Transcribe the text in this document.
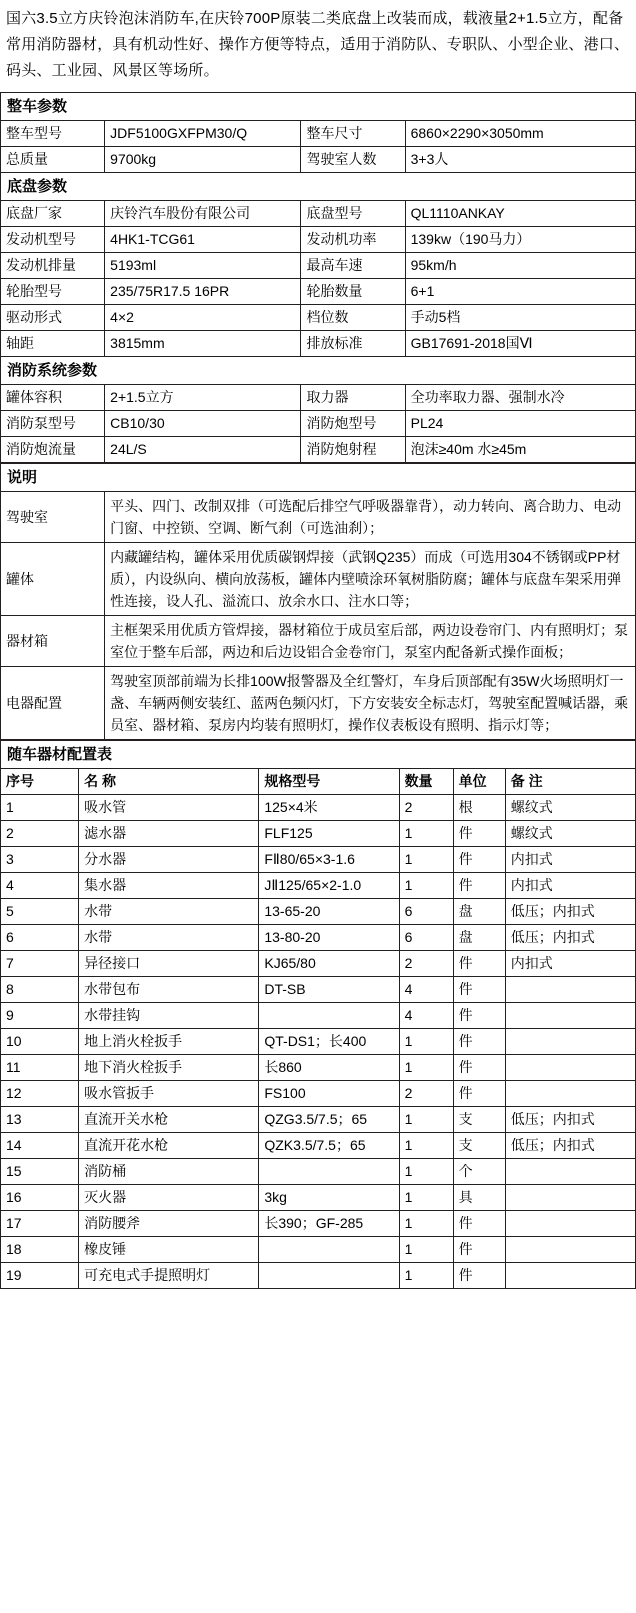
国六3.5立方庆铃泡沫消防车,在庆铃700P原装二类底盘上改装而成，载液量2+1.5立方，配备常用消防器材，具有机动性好、操作方便等特点，适用于消防队、专职队、小型企业、港口、码头、工业园、风景区等场所。
整车参数			
整车型号	JDF5100GXFPM30/Q	整车尺寸	6860×2290×3050mm
总质量	9700kg	驾驶室人数	3+3人
底盘参数			
底盘厂家	庆铃汽车股份有限公司	底盘型号	QL1110ANKAY
发动机型号	4HK1-TCG61	发动机功率	139kw（190马力）
发动机排量	5193ml	最高车速	95km/h
轮胎型号	235/75R17.5 16PR	轮胎数量	6+1
驱动形式	4×2	档位数	手动5档
轴距	3815mm	排放标准	GB17691-2018国Ⅵ
消防系统参数			
罐体容积	2+1.5立方	取力器	全功率取力器、强制水冷
消防泵型号	CB10/30	消防炮型号	PL24
消防炮流量	24L/S	消防炮射程	泡沫≥40m 水≥45m
说明	
驾驶室	平头、四门、改制双排（可选配后排空气呼吸器靠背），动力转向、离合助力、电动门窗、中控锁、空调、断气刹（可选油刹）；
罐体	内藏罐结构，罐体采用优质碳钢焊接（武钢Q235）而成（可选用304不锈钢或PP材质），内设纵向、横向放荡板，罐体内壁喷涂环氧树脂防腐；罐体与底盘车架采用弹性连接，设人孔、溢流口、放余水口、注水口等；
器材箱	主框架采用优质方管焊接，器材箱位于成员室后部，两边设卷帘门、内有照明灯；泵室位于整车后部，两边和后边设铝合金卷帘门，泵室内配备新式操作面板；
电器配置	驾驶室顶部前端为长排100W报警器及全红警灯，车身后顶部配有35W火场照明灯一盏、车辆两侧安装红、蓝两色频闪灯，下方安装安全标志灯，驾驶室配置喊话器，乘员室、器材箱、泵房内均装有照明灯，操作仪表板设有照明、指示灯等；
随车器材配置表					
序号	名 称	规格型号	数量	单位	备 注
1	吸水管	125×4米	2	根	螺纹式
2	滤水器	FLF125	1	件	螺纹式
3	分水器	FⅡ80/65×3-1.6	1	件	内扣式
4	集水器	JⅡ125/65×2-1.0	1	件	内扣式
5	水带	13-65-20	6	盘	低压；内扣式
6	水带	13-80-20	6	盘	低压；内扣式
7	异径接口	KJ65/80	2	件	内扣式
8	水带包布	DT-SB	4	件	
9	水带挂钩		4	件	
10	地上消火栓扳手	QT-DS1；长400	1	件	
11	地下消火栓扳手	长860	1	件	
12	吸水管扳手	FS100	2	件	
13	直流开关水枪	QZG3.5/7.5；65	1	支	低压；内扣式
14	直流开花水枪	QZK3.5/7.5；65	1	支	低压；内扣式
15	消防桶		1	个	
16	灭火器	3kg	1	具	
17	消防腰斧	长390；GF-285	1	件	
18	橡皮锤		1	件	
19	可充电式手提照明灯		1	件	
